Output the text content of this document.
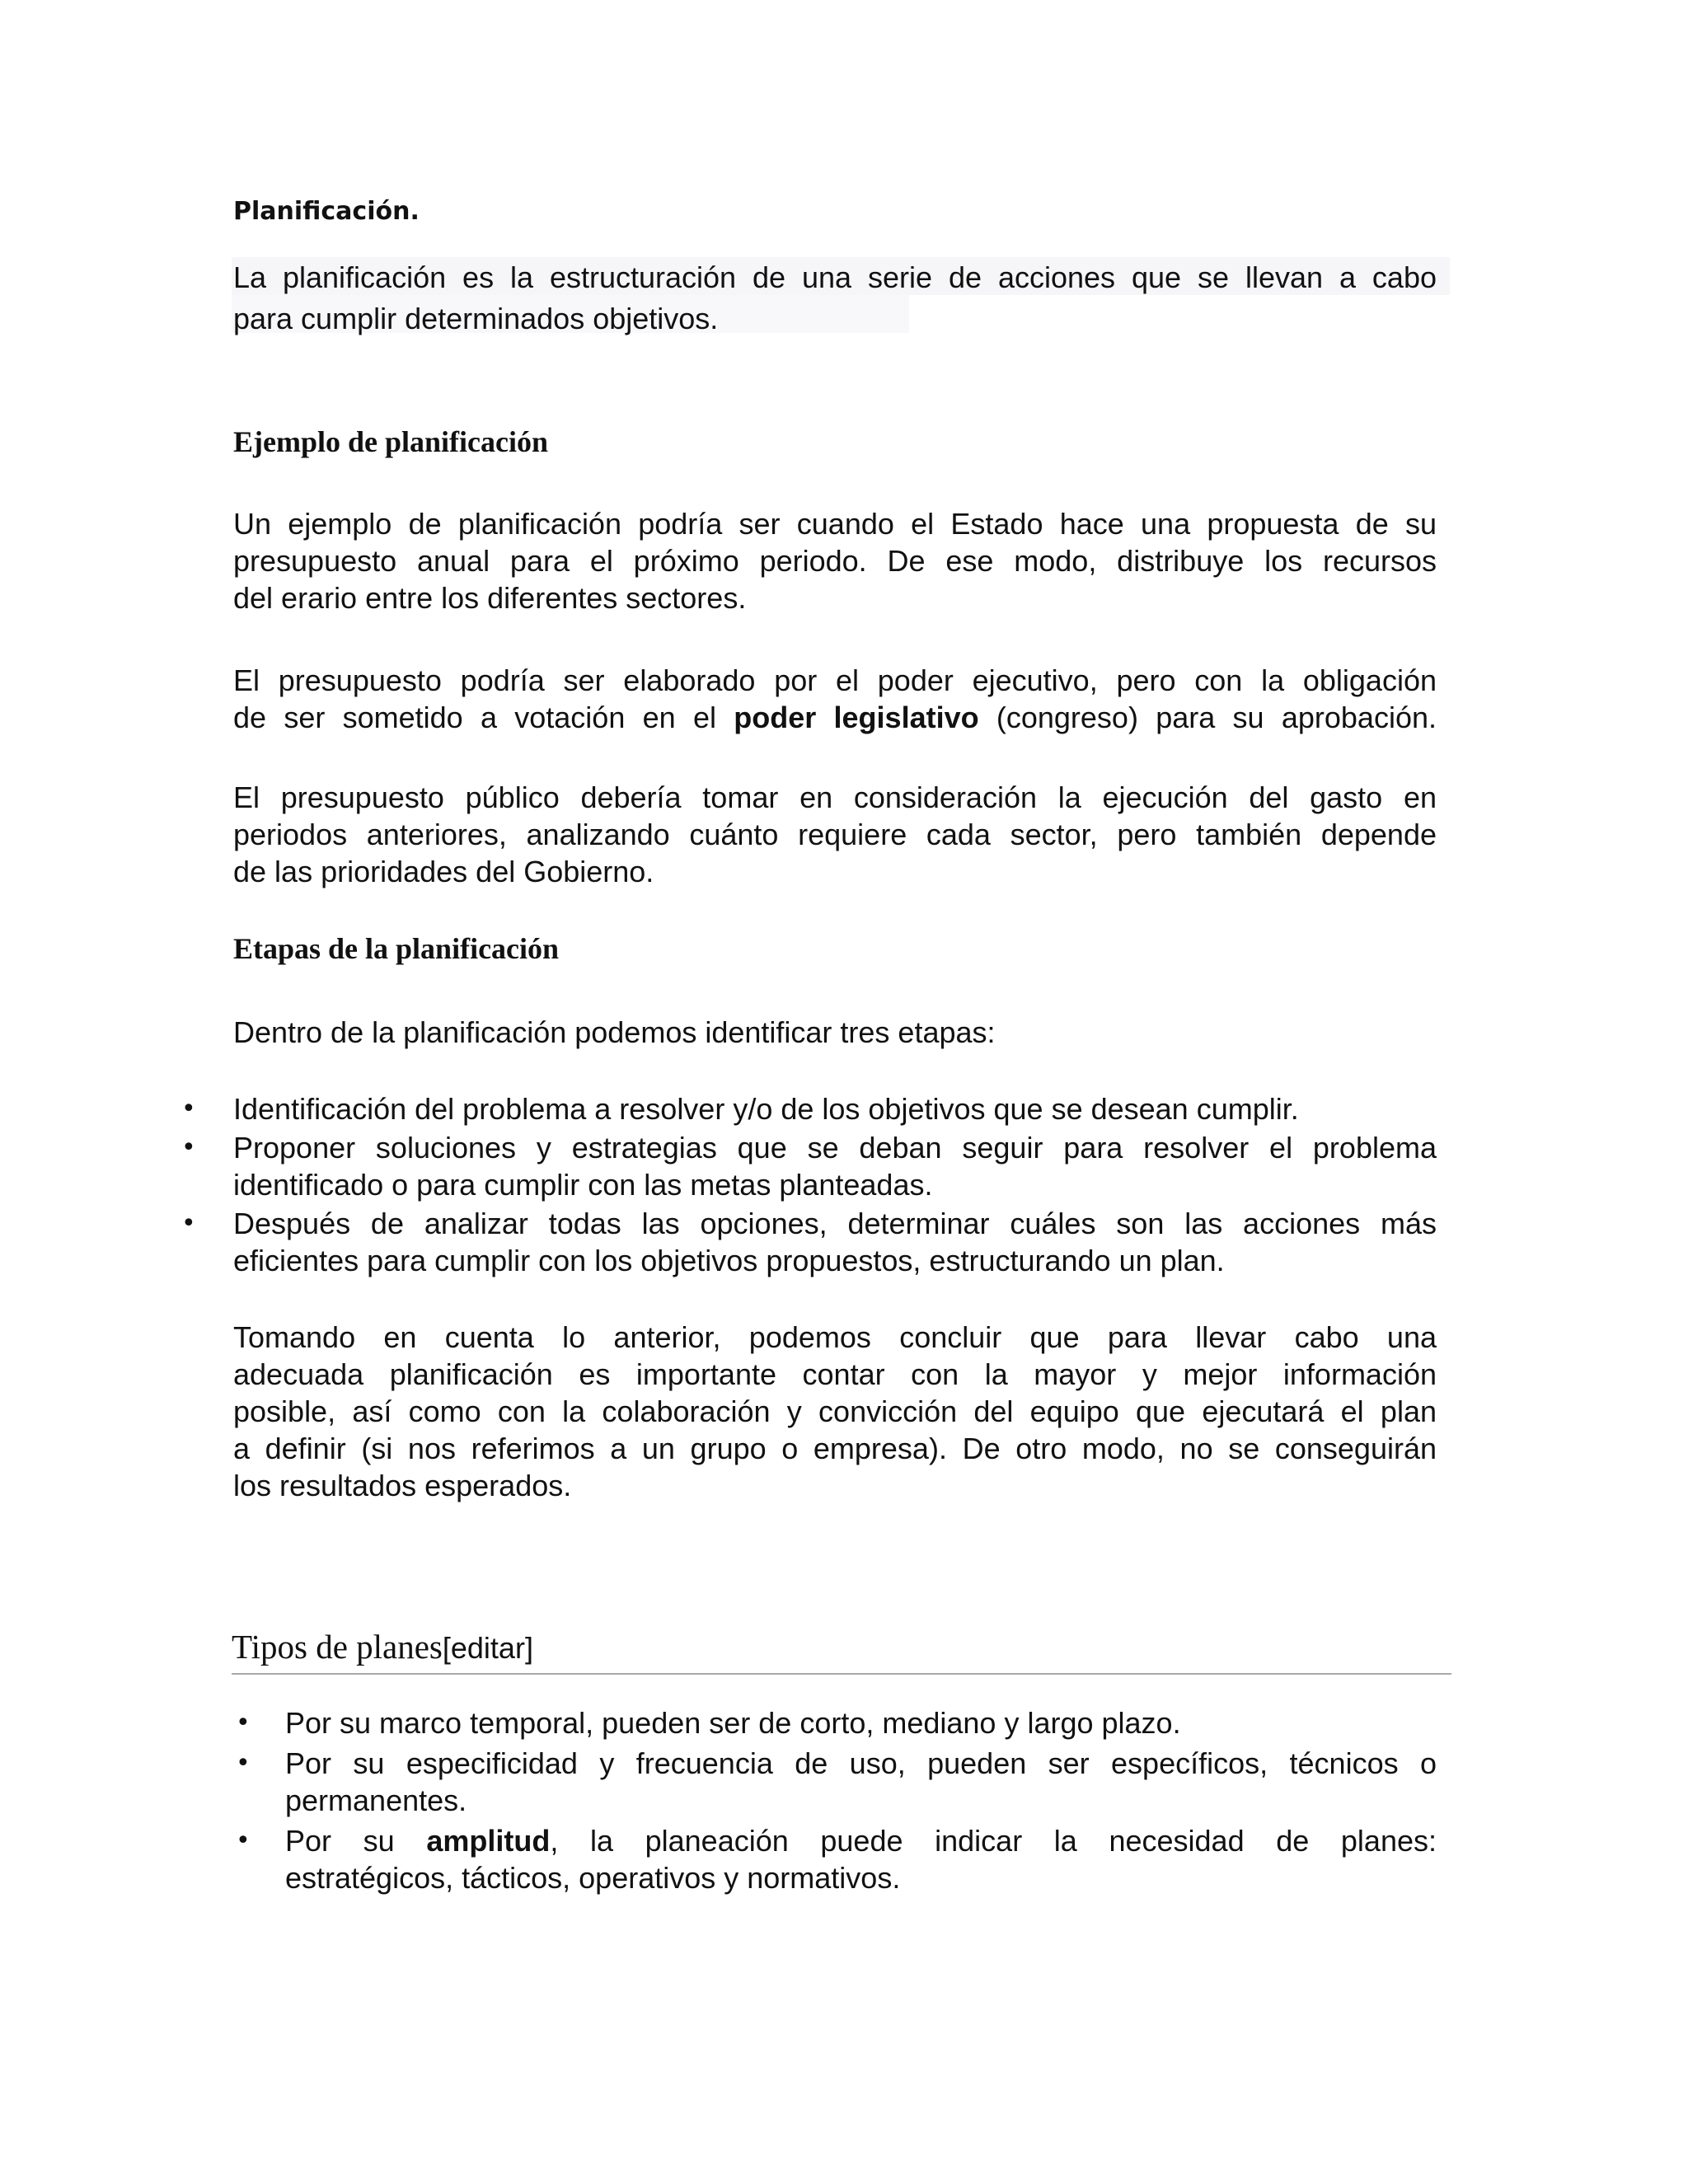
Planificación.
La planificación es la estructuración de una serie de acciones que se llevan a cabo
para cumplir determinados objetivos.
Ejemplo de planificación
Un ejemplo de planificación podría ser cuando el Estado hace una propuesta de su
presupuesto anual para el próximo periodo. De ese modo, distribuye los recursos
del erario entre los diferentes sectores.
El presupuesto podría ser elaborado por el poder ejecutivo, pero con la obligación
de ser sometido a votación en el poder legislativo (congreso) para su aprobación.
El presupuesto público debería tomar en consideración la ejecución del gasto en
periodos anteriores, analizando cuánto requiere cada sector, pero también depende
de las prioridades del Gobierno.
Etapas de la planificación
Dentro de la planificación podemos identificar tres etapas:
• Identificación del problema a resolver y/o de los objetivos que se desean cumplir.
• Proponer soluciones y estrategias que se deban seguir para resolver el problema
identificado o para cumplir con las metas planteadas.
• Después de analizar todas las opciones, determinar cuáles son las acciones más
eficientes para cumplir con los objetivos propuestos, estructurando un plan.
Tomando en cuenta lo anterior, podemos concluir que para llevar cabo una
adecuada planificación es importante contar con la mayor y mejor información
posible, así como con la colaboración y convicción del equipo que ejecutará el plan
a definir (si nos referimos a un grupo o empresa). De otro modo, no se conseguirán
los resultados esperados.
Tipos de planes[editar]
• Por su marco temporal, pueden ser de corto, mediano y largo plazo.
• Por su especificidad y frecuencia de uso, pueden ser específicos, técnicos o
permanentes.
• Por su amplitud, la planeación puede indicar la necesidad de planes:
estratégicos, tácticos, operativos y normativos.
